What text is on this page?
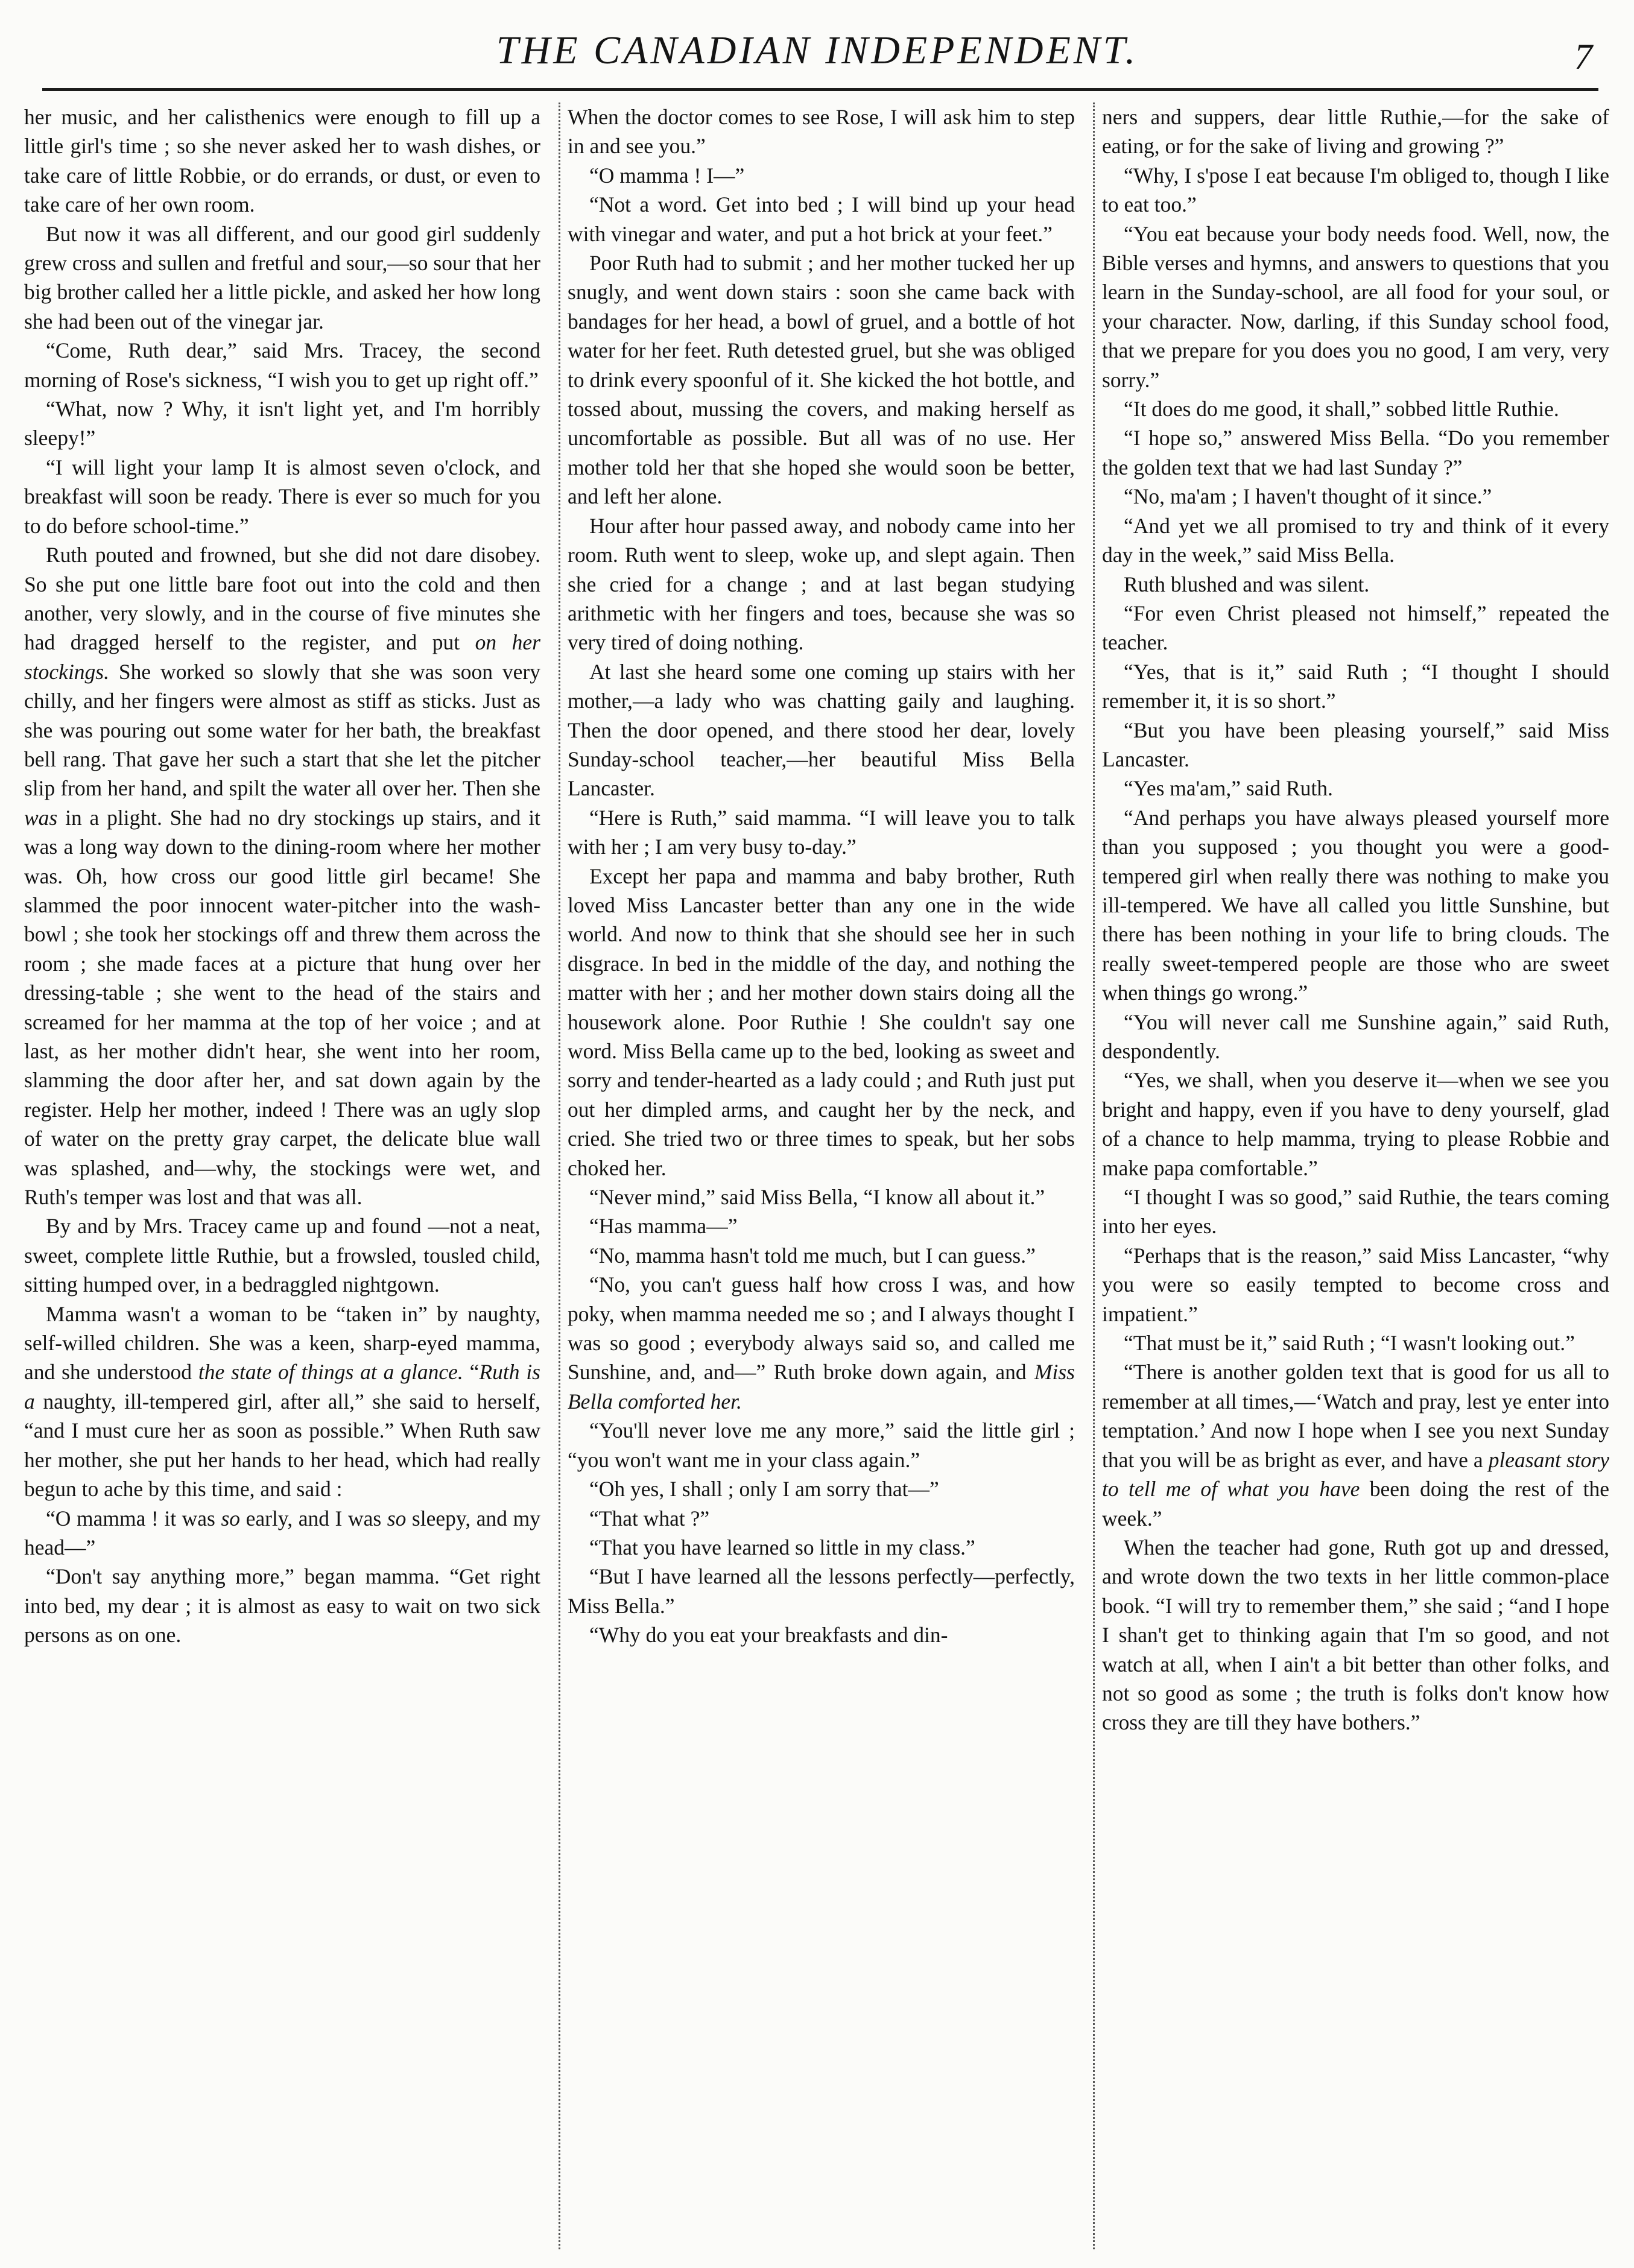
THE CANADIAN INDEPENDENT.	7

her music, and her calisthenics were enough to fill up a little girl's time ; so she never asked her to wash dishes, or take care of little Robbie, or do errands, or dust, or even to take care of her own room.

But now it was all different, and our good girl suddenly grew cross and sullen and fretful and sour,—so sour that her big brother called her a little pickle, and asked her how long she had been out of the vinegar jar.

“Come, Ruth dear,” said Mrs. Tracey, the second morning of Rose's sickness, “I wish you to get up right off.”

“What, now ? Why, it isn't light yet, and I'm horribly sleepy!”

“I will light your lamp It is almost seven o'clock, and breakfast will soon be ready. There is ever so much for you to do before school-time.”

Ruth pouted and frowned, but she did not dare disobey. So she put one little bare foot out into the cold and then another, very slowly, and in the course of five minutes she had dragged herself to the register, and put on her stockings. She worked so slowly that she was soon very chilly, and her fingers were almost as stiff as sticks. Just as she was pouring out some water for her bath, the breakfast bell rang. That gave her such a start that she let the pitcher slip from her hand, and spilt the water all over her. Then she was in a plight. She had no dry stockings up stairs, and it was a long way down to the dining-room where her mother was. Oh, how cross our good little girl became! She slammed the poor innocent water-pitcher into the wash-bowl ; she took her stockings off and threw them across the room ; she made faces at a picture that hung over her dressing-table ; she went to the head of the stairs and screamed for her mamma at the top of her voice ; and at last, as her mother didn't hear, she went into her room, slamming the door after her, and sat down again by the register. Help her mother, indeed ! There was an ugly slop of water on the pretty gray carpet, the delicate blue wall was splashed, and—why, the stockings were wet, and Ruth's temper was lost and that was all.

By and by Mrs. Tracey came up and found —not a neat, sweet, complete little Ruthie, but a frowsled, tousled child, sitting humped over, in a bedraggled nightgown.

Mamma wasn't a woman to be “taken in” by naughty, self-willed children. She was a keen, sharp-eyed mamma, and she understood the state of things at a glance. “Ruth is a naughty, ill-tempered girl, after all,” she said to herself, “and I must cure her as soon as possible.” When Ruth saw her mother, she put her hands to her head, which had really begun to ache by this time, and said :

“O mamma ! it was so early, and I was so sleepy, and my head—”

“Don't say anything more,” began mamma. “Get right into bed, my dear ; it is almost as easy to wait on two sick persons as on one.

When the doctor comes to see Rose, I will ask him to step in and see you.”

“O mamma ! I—”

“Not a word. Get into bed ; I will bind up your head with vinegar and water, and put a hot brick at your feet.”

Poor Ruth had to submit ; and her mother tucked her up snugly, and went down stairs : soon she came back with bandages for her head, a bowl of gruel, and a bottle of hot water for her feet. Ruth detested gruel, but she was obliged to drink every spoonful of it. She kicked the hot bottle, and tossed about, mussing the covers, and making herself as uncomfortable as possible. But all was of no use. Her mother told her that she hoped she would soon be better, and left her alone.

Hour after hour passed away, and nobody came into her room. Ruth went to sleep, woke up, and slept again. Then she cried for a change ; and at last began studying arithmetic with her fingers and toes, because she was so very tired of doing nothing.

At last she heard some one coming up stairs with her mother,—a lady who was chatting gaily and laughing. Then the door opened, and there stood her dear, lovely Sunday-school teacher,—her beautiful Miss Bella Lancaster.

“Here is Ruth,” said mamma. “I will leave you to talk with her ; I am very busy to-day.”

Except her papa and mamma and baby brother, Ruth loved Miss Lancaster better than any one in the wide world. And now to think that she should see her in such disgrace. In bed in the middle of the day, and nothing the matter with her ; and her mother down stairs doing all the housework alone. Poor Ruthie ! She couldn't say one word. Miss Bella came up to the bed, looking as sweet and sorry and tender-hearted as a lady could ; and Ruth just put out her dimpled arms, and caught her by the neck, and cried. She tried two or three times to speak, but her sobs choked her.

“Never mind,” said Miss Bella, “I know all about it.”

“Has mamma—”

“No, mamma hasn't told me much, but I can guess.”

“No, you can't guess half how cross I was, and how poky, when mamma needed me so ; and I always thought I was so good ; everybody always said so, and called me Sunshine, and, and—” Ruth broke down again, and Miss Bella comforted her.

“You'll never love me any more,” said the little girl ; “you won't want me in your class again.”

“Oh yes, I shall ; only I am sorry that—”

“That what ?”

“That you have learned so little in my class.”

“But I have learned all the lessons perfectly—perfectly, Miss Bella.”

“Why do you eat your breakfasts and din-

ners and suppers, dear little Ruthie,—for the sake of eating, or for the sake of living and growing ?”

“Why, I s'pose I eat because I'm obliged to, though I like to eat too.”

“You eat because your body needs food. Well, now, the Bible verses and hymns, and answers to questions that you learn in the Sunday-school, are all food for your soul, or your character. Now, darling, if this Sunday school food, that we prepare for you does you no good, I am very, very sorry.”

“It does do me good, it shall,” sobbed little Ruthie.

“I hope so,” answered Miss Bella. “Do you remember the golden text that we had last Sunday ?”

“No, ma'am ; I haven't thought of it since.”

“And yet we all promised to try and think of it every day in the week,” said Miss Bella.

Ruth blushed and was silent.

“For even Christ pleased not himself,” repeated the teacher.

“Yes, that is it,” said Ruth ; “I thought I should remember it, it is so short.”

“But you have been pleasing yourself,” said Miss Lancaster.

“Yes ma'am,” said Ruth.

“And perhaps you have always pleased yourself more than you supposed ; you thought you were a good-tempered girl when really there was nothing to make you ill-tempered. We have all called you little Sunshine, but there has been nothing in your life to bring clouds. The really sweet-tempered people are those who are sweet when things go wrong.”

“You will never call me Sunshine again,” said Ruth, despondently.

“Yes, we shall, when you deserve it—when we see you bright and happy, even if you have to deny yourself, glad of a chance to help mamma, trying to please Robbie and make papa comfortable.”

“I thought I was so good,” said Ruthie, the tears coming into her eyes.

“Perhaps that is the reason,” said Miss Lancaster, “why you were so easily tempted to become cross and impatient.”

“That must be it,” said Ruth ; “I wasn't looking out.”

“There is another golden text that is good for us all to remember at all times,—‘Watch and pray, lest ye enter into temptation.’ And now I hope when I see you next Sunday that you will be as bright as ever, and have a pleasant story to tell me of what you have been doing the rest of the week.”

When the teacher had gone, Ruth got up and dressed, and wrote down the two texts in her little common-place book. “I will try to remember them,” she said ; “and I hope I shan't get to thinking again that I'm so good, and not watch at all, when I ain't a bit better than other folks, and not so good as some ; the truth is folks don't know how cross they are till they have bothers.”
